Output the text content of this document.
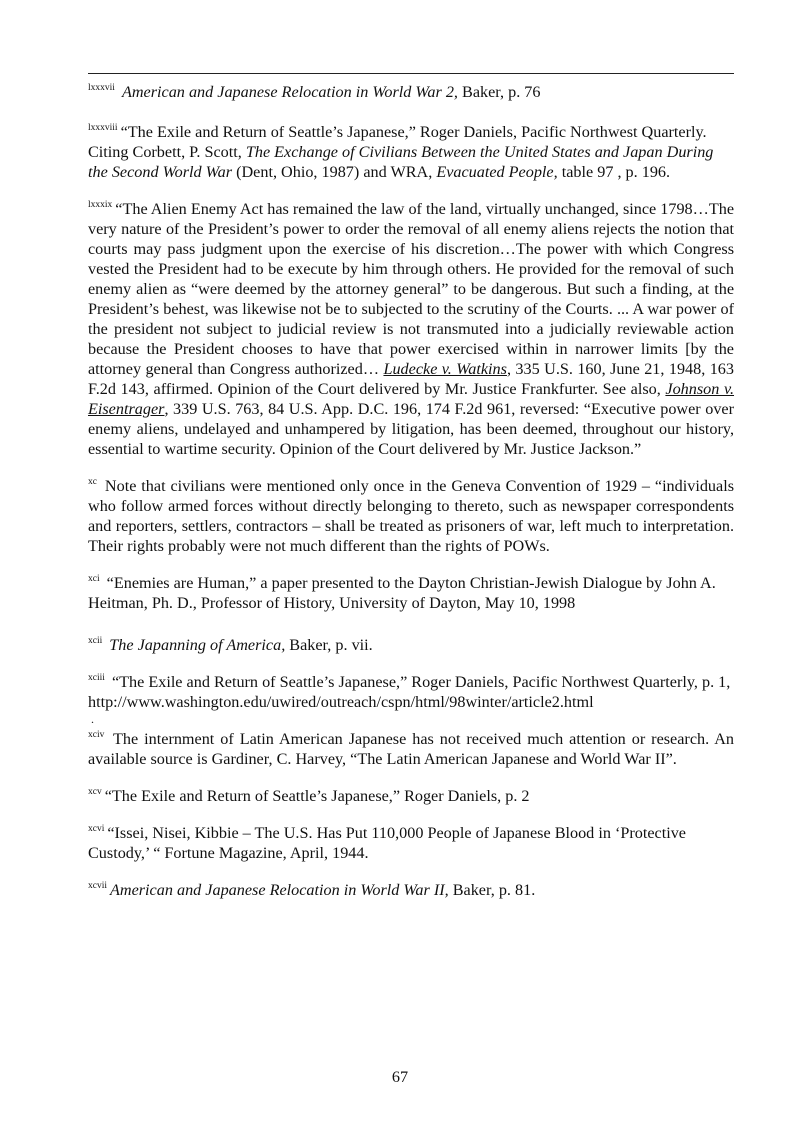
$^{lxxxvii}$ American and Japanese Relocation in World War 2, Baker, p. 76
$^{lxxxviii}$ “The Exile and Return of Seattle’s Japanese,” Roger Daniels, Pacific Northwest Quarterly. Citing Corbett, P. Scott, The Exchange of Civilians Between the United States and Japan During the Second World War (Dent, Ohio, 1987) and WRA, Evacuated People, table 97 , p. 196.
$^{lxxxix}$ “The Alien Enemy Act has remained the law of the land, virtually unchanged, since 1798…The very nature of the President’s power to order the removal of all enemy aliens rejects the notion that courts may pass judgment upon the exercise of his discretion…The power with which Congress vested the President had to be execute by him through others. He provided for the removal of such enemy alien as “were deemed by the attorney general” to be dangerous. But such a finding, at the President’s behest, was likewise not be to subjected to the scrutiny of the Courts. ... A war power of the president not subject to judicial review is not transmuted into a judicially reviewable action because the President chooses to have that power exercised within in narrower limits [by the attorney general than Congress authorized… Ludecke v. Watkins, 335 U.S. 160, June 21, 1948, 163 F.2d 143, affirmed. Opinion of the Court delivered by Mr. Justice Frankfurter. See also, Johnson v. Eisentrager, 339 U.S. 763, 84 U.S. App. D.C. 196, 174 F.2d 961, reversed: “Executive power over enemy aliens, undelayed and unhampered by litigation, has been deemed, throughout our history, essential to wartime security. Opinion of the Court delivered by Mr. Justice Jackson.”
$^{xc}$ Note that civilians were mentioned only once in the Geneva Convention of 1929 – “individuals who follow armed forces without directly belonging to thereto, such as newspaper correspondents and reporters, settlers, contractors – shall be treated as prisoners of war, left much to interpretation. Their rights probably were not much different than the rights of POWs.
$^{xci}$ “Enemies are Human,” a paper presented to the Dayton Christian-Jewish Dialogue by John A. Heitman, Ph. D., Professor of History, University of Dayton, May 10, 1998
$^{xcii}$ The Japanning of America, Baker, p. vii.
$^{xciii}$ “The Exile and Return of Seattle’s Japanese,” Roger Daniels, Pacific Northwest Quarterly, p. 1,
http://www.washington.edu/uwired/outreach/cspn/html/98winter/article2.html
$^{xciv}$ The internment of Latin American Japanese has not received much attention or research. An available source is Gardiner, C. Harvey, “The Latin American Japanese and World War II”.
$^{xcv}$ “The Exile and Return of Seattle’s Japanese,” Roger Daniels, p. 2
$^{xcvi}$ “Issei, Nisei, Kibbie – The U.S. Has Put 110,000 People of Japanese Blood in ‘Protective Custody,’ “ Fortune Magazine, April, 1944.
$^{xcvii}$ American and Japanese Relocation in World War II, Baker, p. 81.
.
67
